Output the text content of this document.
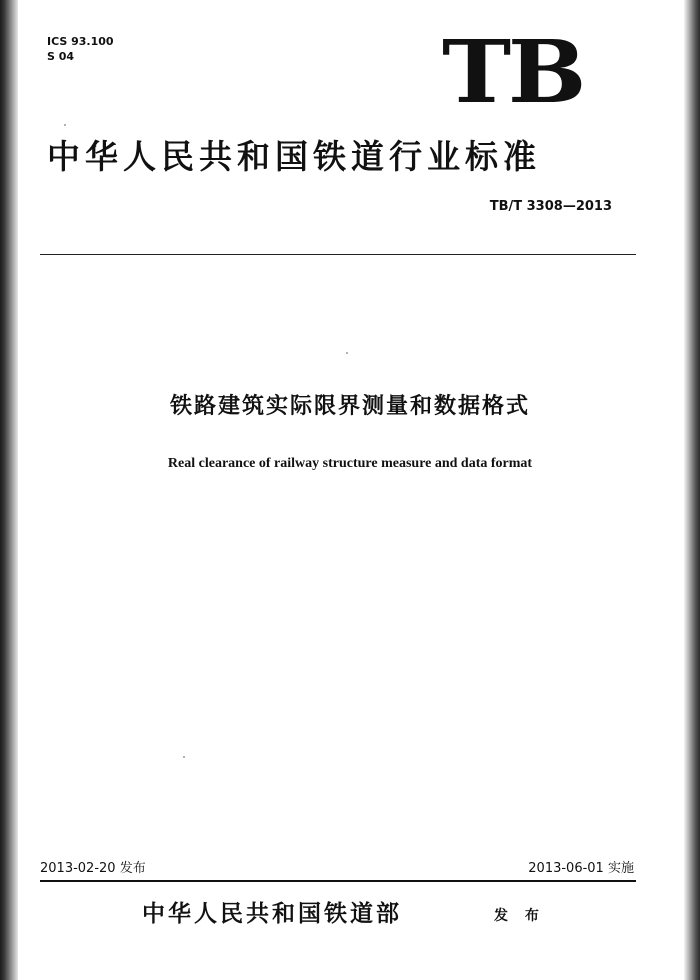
ICS 93.100
S 04	TB
中华人民共和国铁道行业标准
TB/T 3308—2013
铁路建筑实际限界测量和数据格式
Real clearance of railway structure measure and data format
2013-02-20 发布	2013-06-01 实施
中华人民共和国铁道部	发 布
